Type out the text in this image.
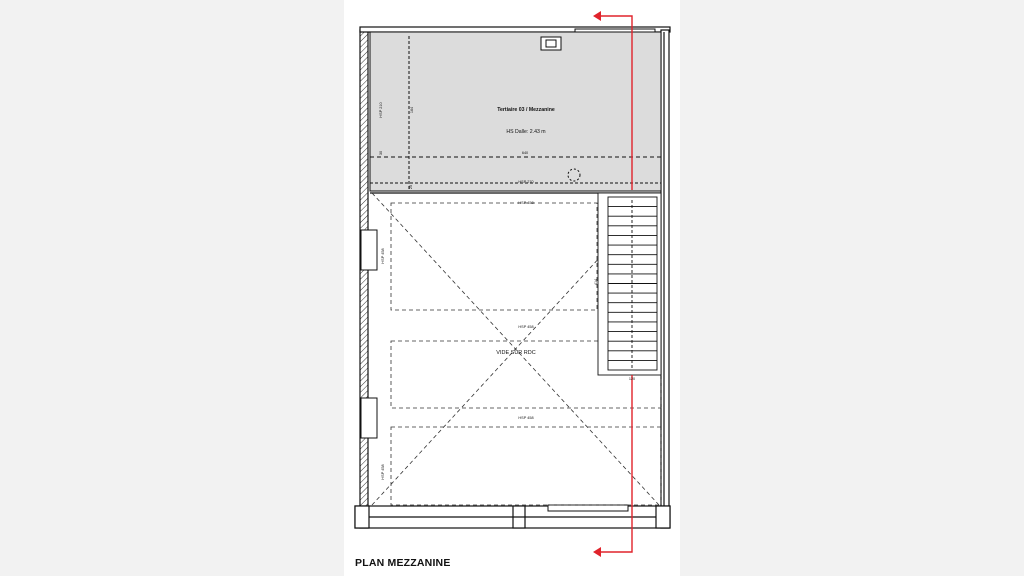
Tertiaire 03 / Mezzanine
HS Dalle: 2.43 m
VIDE SUR RDC
640
164
30
25
414
120
HSP 210
HSP 270
HSP 458
HSP 458
HSP 458
HSP 458
HSP 458
PLAN MEZZANINE
